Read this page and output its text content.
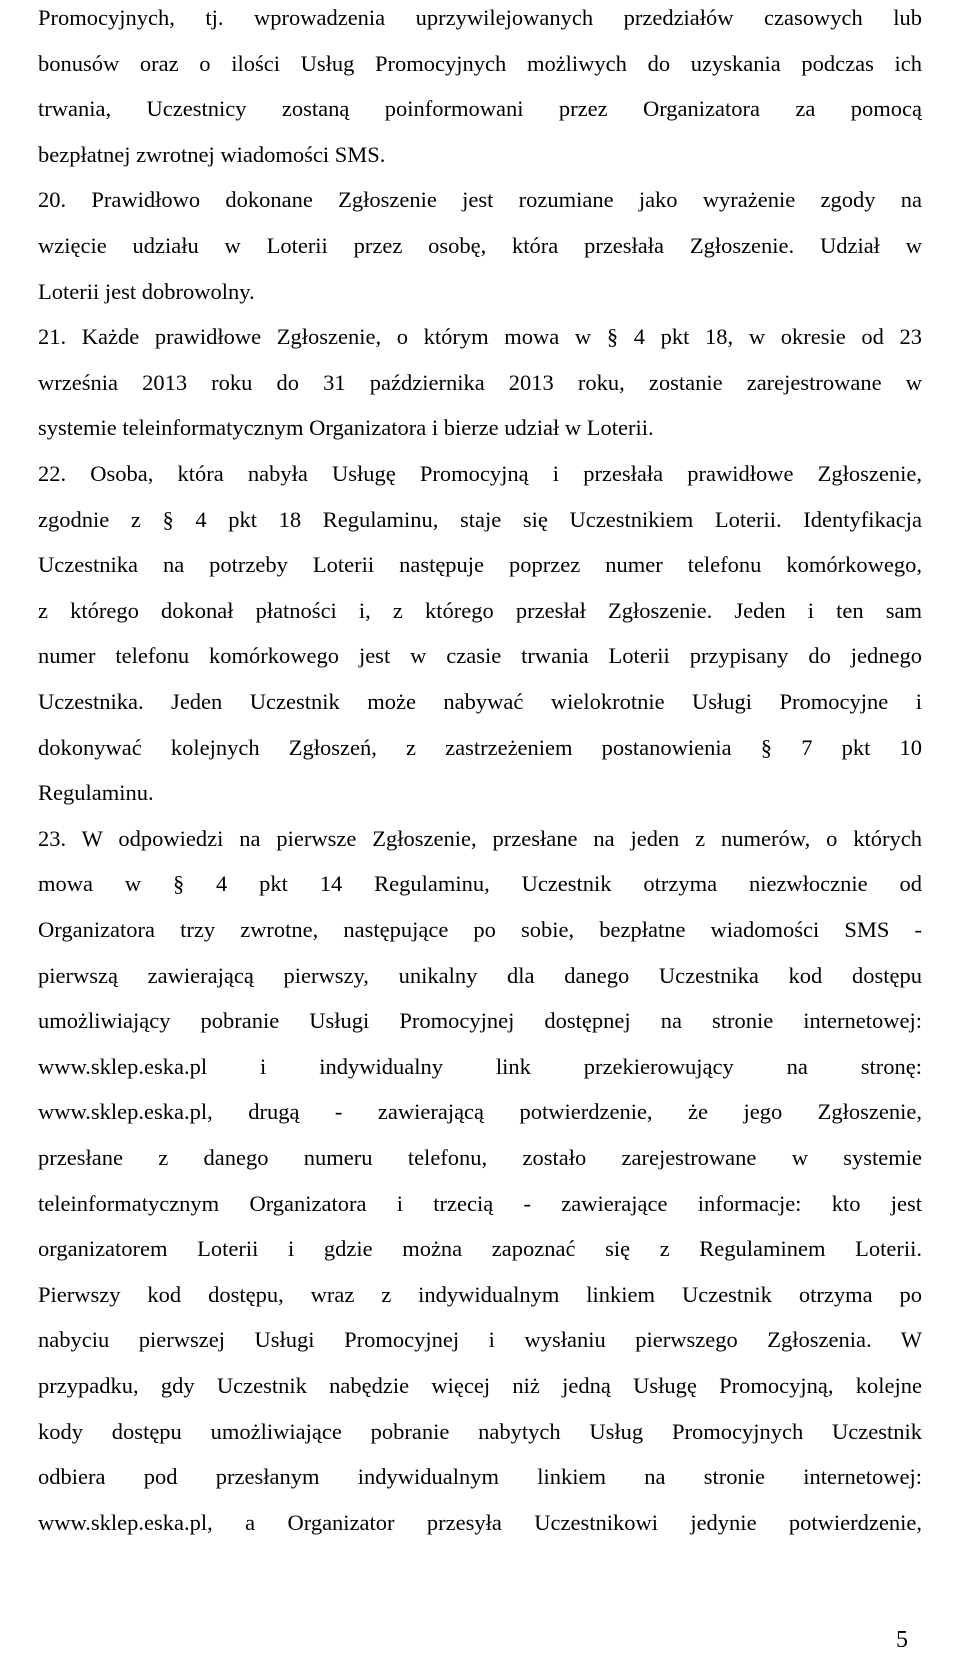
Promocyjnych, tj. wprowadzenia uprzywilejowanych przedziałów czasowych lub
bonusów oraz o ilości Usług Promocyjnych możliwych do uzyskania podczas ich
trwania, Uczestnicy zostaną poinformowani przez Organizatora za pomocą
bezpłatnej zwrotnej wiadomości SMS.
20. Prawidłowo dokonane Zgłoszenie jest rozumiane jako wyrażenie zgody na
wzięcie udziału w Loterii przez osobę, która przesłała Zgłoszenie. Udział w
Loterii jest dobrowolny.
21. Każde prawidłowe Zgłoszenie, o którym mowa w § 4 pkt 18, w okresie od 23
września 2013 roku do 31 października 2013 roku, zostanie zarejestrowane w
systemie teleinformatycznym Organizatora i bierze udział w Loterii.
22. Osoba, która nabyła Usługę Promocyjną i przesłała prawidłowe Zgłoszenie,
zgodnie z § 4 pkt 18 Regulaminu, staje się Uczestnikiem Loterii. Identyfikacja
Uczestnika na potrzeby Loterii następuje poprzez numer telefonu komórkowego,
z którego dokonał płatności i, z którego przesłał Zgłoszenie. Jeden i ten sam
numer telefonu komórkowego jest w czasie trwania Loterii przypisany do jednego
Uczestnika. Jeden Uczestnik może nabywać wielokrotnie Usługi Promocyjne i
dokonywać kolejnych Zgłoszeń, z zastrzeżeniem postanowienia § 7 pkt 10
Regulaminu.
23. W odpowiedzi na pierwsze Zgłoszenie, przesłane na jeden z numerów, o których
mowa w § 4 pkt 14 Regulaminu, Uczestnik otrzyma niezwłocznie od
Organizatora trzy zwrotne, następujące po sobie, bezpłatne wiadomości SMS -
pierwszą zawierającą pierwszy, unikalny dla danego Uczestnika kod dostępu
umożliwiający pobranie Usługi Promocyjnej dostępnej na stronie internetowej:
www.sklep.eska.pl i indywidualny link przekierowujący na stronę:
www.sklep.eska.pl, drugą - zawierającą potwierdzenie, że jego Zgłoszenie,
przesłane z danego numeru telefonu, zostało zarejestrowane w systemie
teleinformatycznym Organizatora i trzecią - zawierające informacje: kto jest
organizatorem Loterii i gdzie można zapoznać się z Regulaminem Loterii.
Pierwszy kod dostępu, wraz z indywidualnym linkiem Uczestnik otrzyma po
nabyciu pierwszej Usługi Promocyjnej i wysłaniu pierwszego Zgłoszenia. W
przypadku, gdy Uczestnik nabędzie więcej niż jedną Usługę Promocyjną, kolejne
kody dostępu umożliwiające pobranie nabytych Usług Promocyjnych Uczestnik
odbiera pod przesłanym indywidualnym linkiem na stronie internetowej:
www.sklep.eska.pl, a Organizator przesyła Uczestnikowi jedynie potwierdzenie,
5
